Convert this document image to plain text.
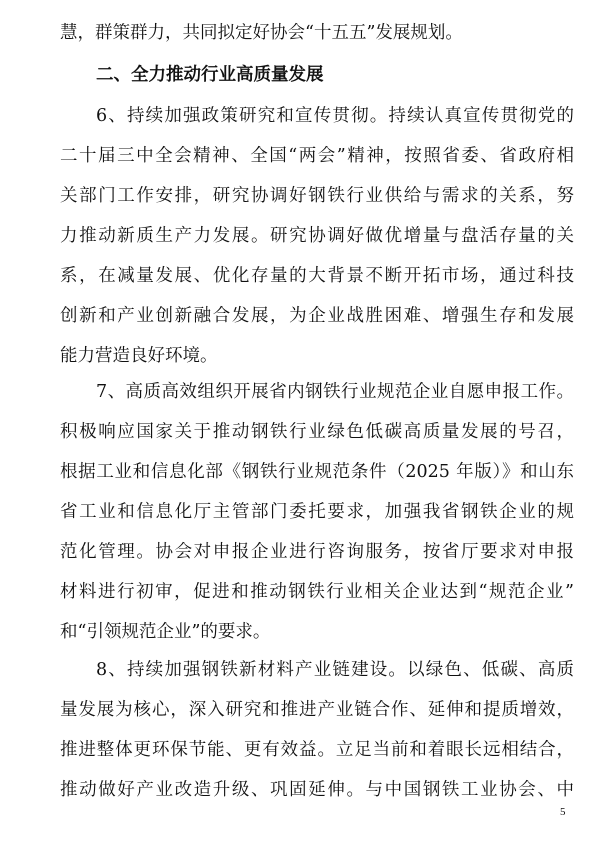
慧，群策群力，共同拟定好协会“十五五”发展规划。
二、全力推动行业高质量发展
6、持续加强政策研究和宣传贯彻。持续认真宣传贯彻党的
二十届三中全会精神、全国“两会”精神，按照省委、省政府相
关部门工作安排，研究协调好钢铁行业供给与需求的关系，努
力推动新质生产力发展。研究协调好做优增量与盘活存量的关
系，在减量发展、优化存量的大背景不断开拓市场，通过科技
创新和产业创新融合发展，为企业战胜困难、增强生存和发展
能力营造良好环境。
7、高质高效组织开展省内钢铁行业规范企业自愿申报工作。
积极响应国家关于推动钢铁行业绿色低碳高质量发展的号召，
根据工业和信息化部《钢铁行业规范条件（2025 年版）》和山东
省工业和信息化厅主管部门委托要求，加强我省钢铁企业的规
范化管理。协会对申报企业进行咨询服务，按省厅要求对申报
材料进行初审，促进和推动钢铁行业相关企业达到“规范企业”
和“引领规范企业”的要求。
8、持续加强钢铁新材料产业链建设。以绿色、低碳、高质
量发展为核心，深入研究和推进产业链合作、延伸和提质增效，
推进整体更环保节能、更有效益。立足当前和着眼长远相结合，
推动做好产业改造升级、巩固延伸。与中国钢铁工业协会、中
5
